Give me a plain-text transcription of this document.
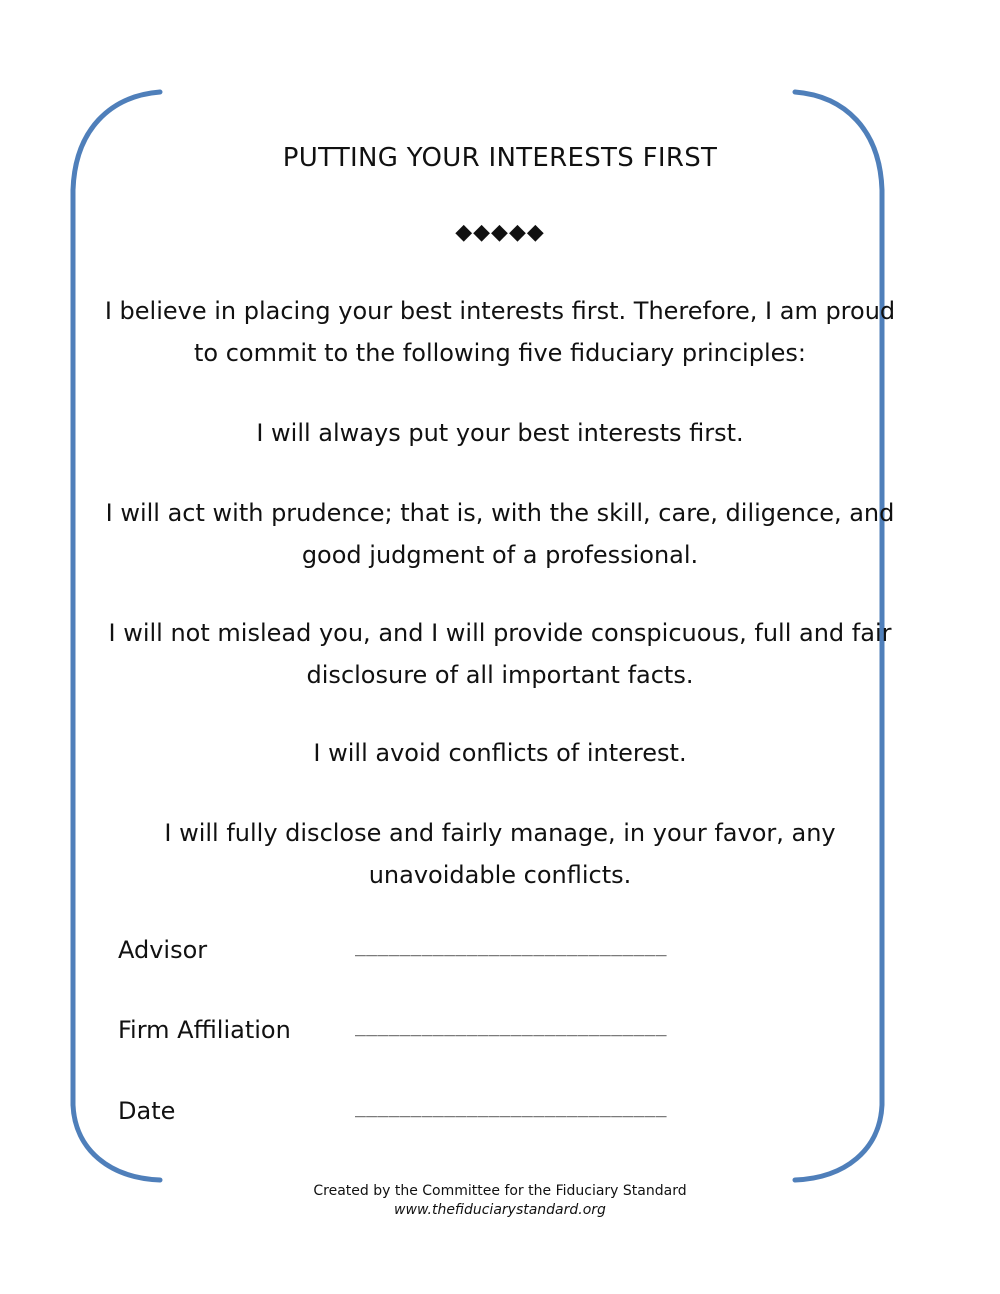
PUTTING YOUR INTERESTS FIRST
◆◆◆◆◆
I believe in placing your best interests first. Therefore, I am proud to commit to the following five fiduciary principles:
I will always put your best interests first.
I will act with prudence; that is, with the skill, care, diligence, and good judgment of a professional.
I will not mislead you, and I will provide conspicuous, full and fair disclosure of all important facts.
I will avoid conflicts of interest.
I will fully disclose and fairly manage, in your favor, any unavoidable conflicts.
Advisor	____________________________
Firm Affiliation	____________________________
Date	____________________________
Created by the Committee for the Fiduciary Standard
www.thefiduciarystandard.org
